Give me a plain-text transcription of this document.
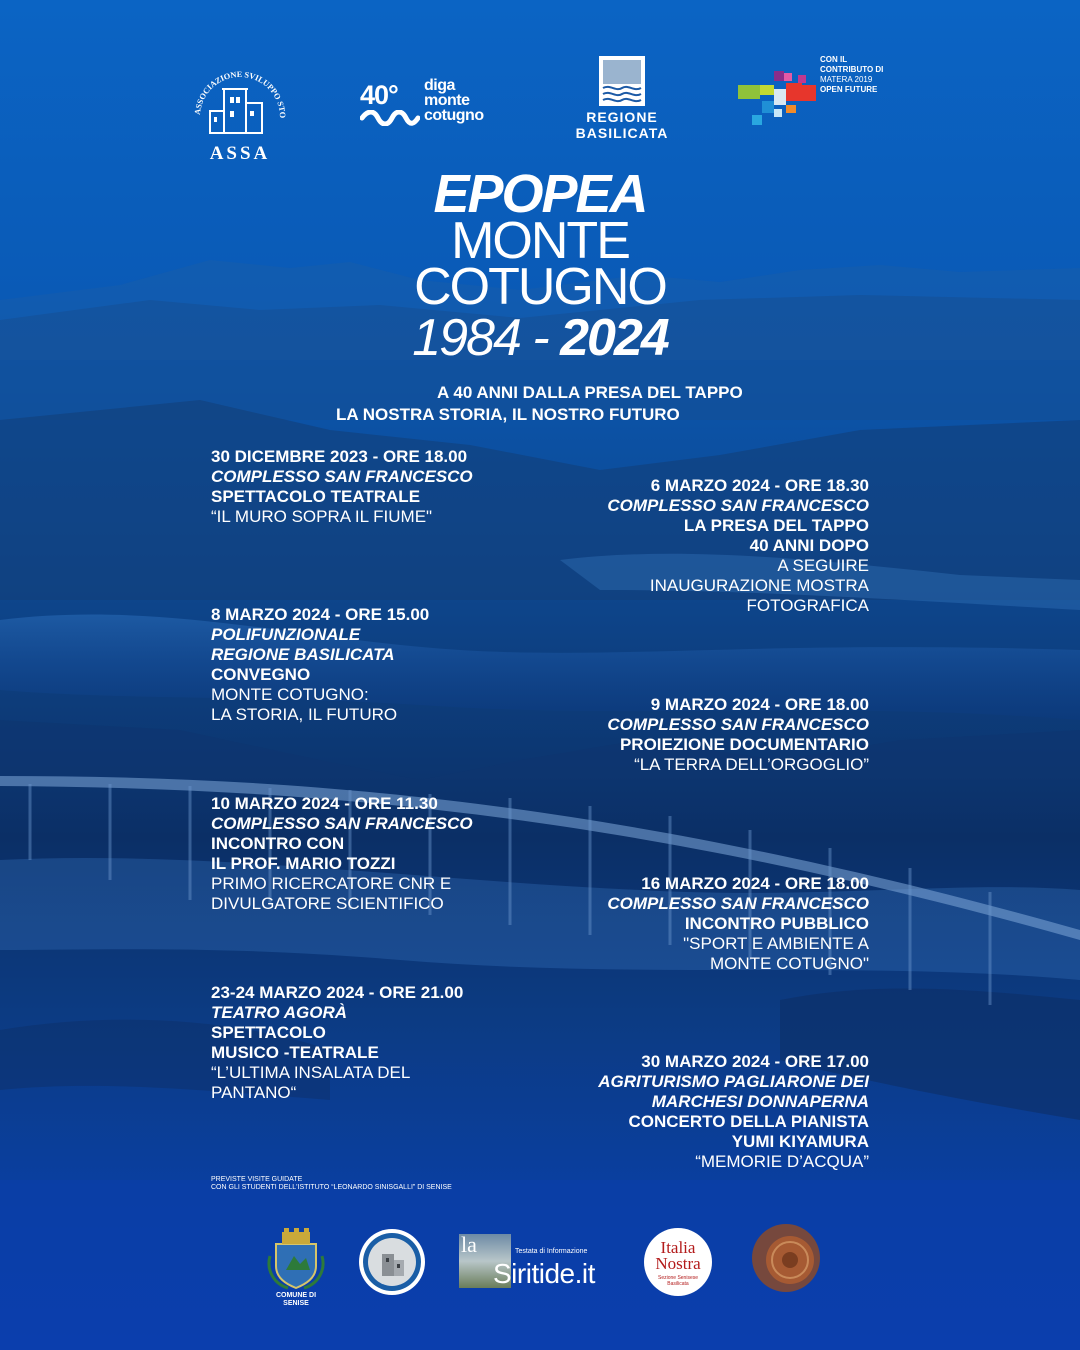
ASSOCIAZIONE SVILUPPO STO
ASSA
40° diga
monte
cotugno	REGIONE
BASILICATA
CON IL
CONTRIBUTO DI
MATERA 2019
OPEN FUTURE
EPOPEA
MONTE
COTUGNO
1984 - 2024
A 40 ANNI DALLA PRESA DEL TAPPO
LA NOSTRA STORIA, IL NOSTRO FUTURO
30 DICEMBRE 2023 - ORE 18.00
COMPLESSO SAN FRANCESCO
SPETTACOLO TEATRALE
“IL MURO SOPRA IL FIUME"
6 MARZO 2024 - ORE 18.30
COMPLESSO SAN FRANCESCO
LA PRESA DEL TAPPO
40 ANNI DOPO
A SEGUIRE
INAUGURAZIONE MOSTRA
FOTOGRAFICA
8 MARZO 2024 - ORE 15.00
POLIFUNZIONALE
REGIONE BASILICATA
CONVEGNO
MONTE COTUGNO:
LA STORIA, IL FUTURO
9 MARZO 2024 - ORE 18.00
COMPLESSO SAN FRANCESCO
PROIEZIONE DOCUMENTARIO
“LA TERRA DELL’ORGOGLIO”
10 MARZO 2024 - ORE 11.30
COMPLESSO SAN FRANCESCO
INCONTRO CON
IL PROF. MARIO TOZZI
PRIMO RICERCATORE CNR E
DIVULGATORE SCIENTIFICO
16 MARZO 2024 - ORE 18.00
COMPLESSO SAN FRANCESCO
INCONTRO PUBBLICO
"SPORT E AMBIENTE A
MONTE COTUGNO"
23-24 MARZO 2024 - ORE 21.00
TEATRO AGORÀ
SPETTACOLO
MUSICO -TEATRALE
“L’ULTIMA INSALATA DEL
PANTANO“
30 MARZO 2024 - ORE 17.00
AGRITURISMO PAGLIARONE DEI
MARCHESI DONNAPERNA
CONCERTO DELLA PIANISTA
YUMI KIYAMURA
“MEMORIE D’ACQUA”
PREVISTE VISITE GUIDATE
CON GLI STUDENTI DELL'ISTITUTO “LEONARDO SINISGALLI” DI SENISE
COMUNE DI
SENISE
la	Testata di Informazione
Siritide.it
Italia
Nostra
Sezione Senisese
Basilicata
